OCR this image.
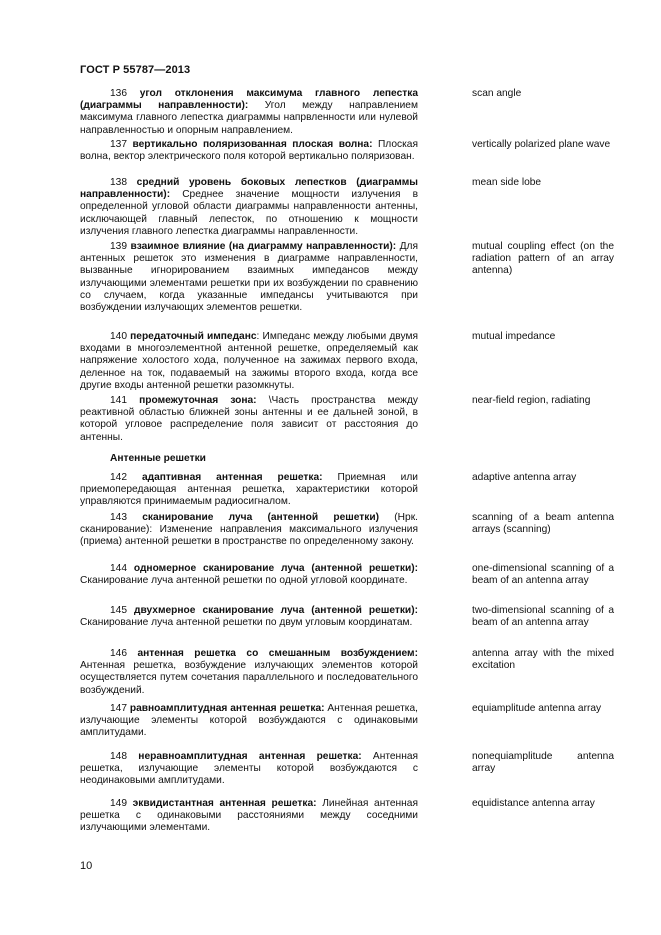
ГОСТ Р 55787—2013
136 угол отклонения максимума главного лепестка (диаграммы направленности): Угол между направлением максимума главного лепестка диаграммы напрвленности или нулевой направленностью и опорным направлением.
scan angle
137 вертикально поляризованная плоская волна: Плоская волна, вектор электрического поля которой вертикально поляризован.
vertically polarized plane wave
138 средний уровень боковых лепестков (диаграммы направленности): Среднее значение мощности излучения в определенной угловой области диаграммы направленности антенны, исключающей главный лепесток, по отношению к мощности излучения главного лепестка диаграммы направленности.
mean side lobe
139 взаимное влияние (на диаграмму направленности): Для антенных решеток это изменения в диаграмме направленности, вызванные игнорированием взаимных импедансов между излучающими элементами решетки при их возбуждении по сравнению со случаем, когда указанные импедансы учитываются при возбуждении излучающих элементов решетки.
mutual coupling effect (on the radiation pattern of an array antenna)
140 передаточный импеданс: Импеданс между любыми двумя входами в многоэлементной антенной решетке, определяемый как напряжение холостого хода, полученное на зажимах первого входа, деленное на ток, подаваемый на зажимы второго входа, когда все другие входы антенной решетки разомкнуты.
mutual impedance
141 промежуточная зона: \Часть пространства между реактивной областью ближней зоны антенны и ее дальней зоной, в которой угловое распределение поля зависит от расстояния до антенны.
near-field region, radiating
Антенные решетки
142 адаптивная антенная решетка: Приемная или приемопередающая антенная решетка, характеристики которой управляются принимаемым радиосигналом.
adaptive antenna array
143 сканирование луча (антенной решетки) (Нрк. сканирование): Изменение направления максимального излучения (приема) антенной решетки в пространстве по определенному закону.
scanning of a beam antenna arrays (scanning)
144 одномерное сканирование луча (антенной решетки): Сканирование луча антенной решетки по одной угловой координате.
one-dimensional scanning of a beam of an antenna array
145 двухмерное сканирование луча (антенной решетки): Сканирование луча антенной решетки по двум угловым координатам.
two-dimensional scanning of a beam of an antenna array
146 антенная решетка со смешанным возбуждением: Антенная решетка, возбуждение излучающих элементов которой осуществляется путем сочетания параллельного и последовательного возбуждений.
antenna array with the mixed excitation
147 равноамплитудная антенная решетка: Антенная решетка, излучающие элементы которой возбуждаются с одинаковыми амплитудами.
equiamplitude antenna array
148 неравноамплитудная антенная решетка: Антенная решетка, излучающие элементы которой возбуждаются с неодинаковыми амплитудами.
nonequiamplitude antenna array
149 эквидистантная антенная решетка: Линейная антенная решетка с одинаковыми расстояниями между соседними излучающими элементами.
equidistance antenna array
10
